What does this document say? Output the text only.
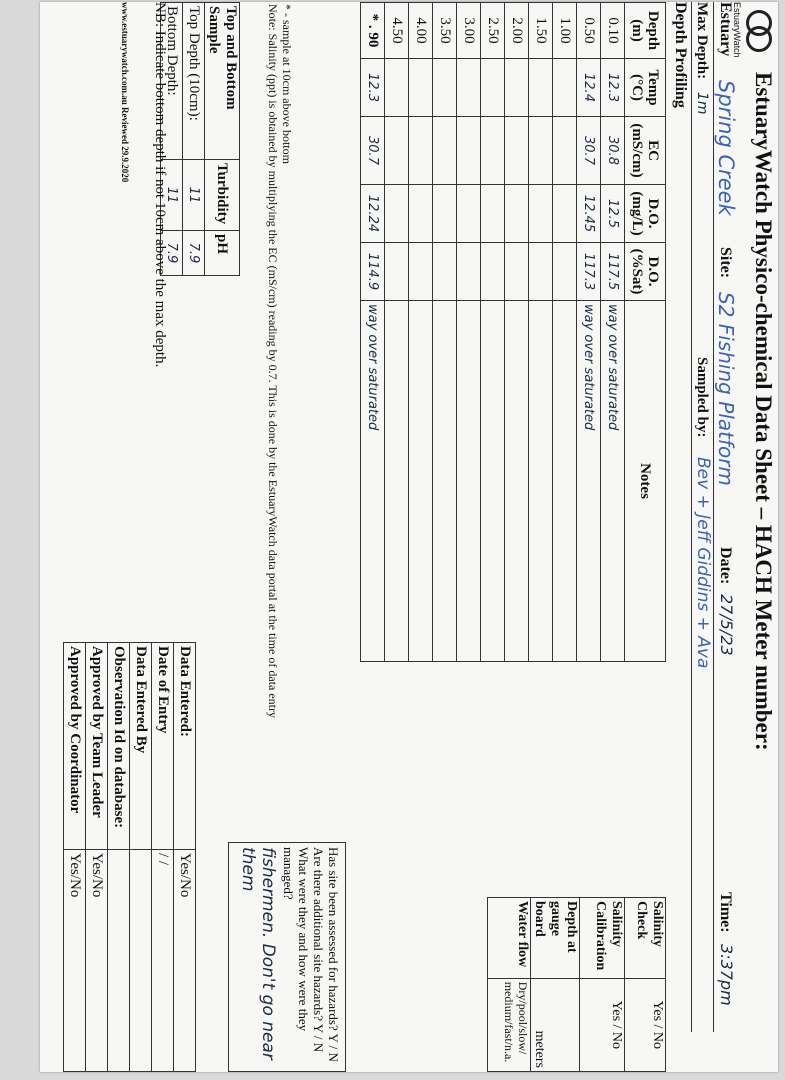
EstuaryWatch
EstuaryWatch Physico-chemical Data Sheet – HACH Meter number:
Estuary
Spring Creek
Site:
S2 Fishing Platform
Date:
27/5/23
Time:
3:37pm
Max Depth:
1m
Sampled by:
Bev + Jeff Giddins + Ava
Depth Profiling
Depth (m)	Temp (°C)	EC (mS/cm)	D.O. (mg/L)	D.O. (%Sat)	Notes
0.10	12.3	30.8	12.5	117.5	way over saturated
0.50	12.4	30.7	12.45	117.3	way over saturated
1.00					
1.50					
2.00					
2.50					
3.00					
3.50					
4.00					
4.50					
* . 90	12.3	30.7	12.24	114.9	way over saturated
* - sample at 10cm above bottom
Note: Salinity (ppt) is obtained by multiplying the EC (mS/cm) reading by 0.7. This is done by the EstuaryWatch data portal at the time of data entry
Top and Bottom Sample	Turbidity	pH
Top Depth (10cm):	11	7.9
Bottom Depth:	11	7.9
NB: Indicate bottom depth if not 10cm above the max depth.
www.estuarywatch.com.au Reviewed 29.9.2020
Data Entered:	Yes/No
Date of Entry	/ /
Data Entered By	
Observation Id on database:	
Approved by Team Leader	Yes/No
Approved by Coordinator	Yes/No
Salinity Check	Yes / No
Salinity Calibration	Yes / No
Depth at gauge board	meters
Water flow	Dry/pool/slow/ medium/fast/n.a.
Has site been assessed for hazards? Y / N
Are there additional site hazards? Y / N
What were they and how were they managed?
fishermen. Don't go near them
